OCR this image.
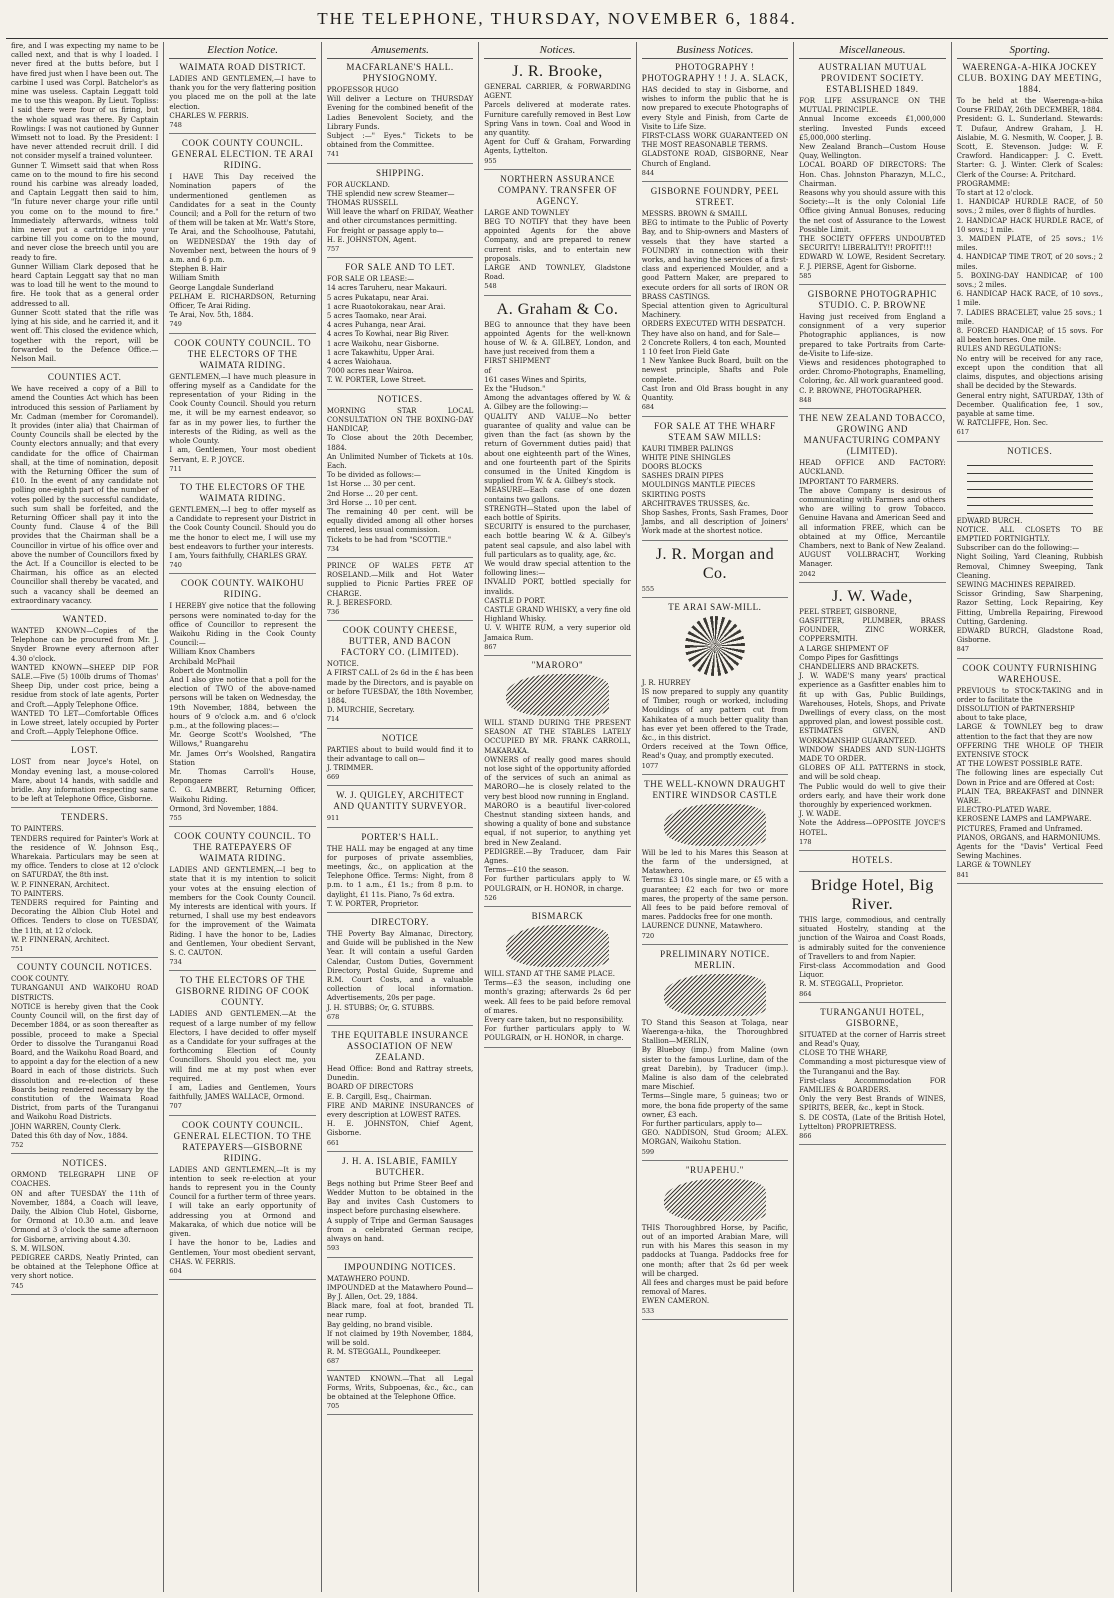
THE TELEPHONE, THURSDAY, NOVEMBER 6, 1884.
fire, and I was expecting my name to be called next, and that is why I loaded. I never fired at the butts before, but I have fired just when I have been out. The carbine I used was Corpl. Batchelor's as mine was useless. Captain Leggatt told me to use this weapon. By Lieut. Topliss: I said there were four of us firing, but the whole squad was there. By Captain Rowlings: I was not cautioned by Gunner Wimsett not to load. By the President: I have never attended recruit drill. I did not consider myself a trained volunteer.
Gunner T. Wimsett said that when Ross came on to the mound to fire his second round his carbine was already loaded, and Captain Leggatt then said to him, "In future never charge your rifle until you come on to the mound to fire." Immediately afterwards, witness told him never put a cartridge into your carbine till you come on to the mound, and never close the breech until you are ready to fire.
Gunner William Clark deposed that he heard Captain Leggatt say that no man was to load till he went to the mound to fire. He took that as a general order addressed to all.
Gunner Scott stated that the rifle was lying at his side, and he carried it, and it went off. This closed the evidence which, together with the report, will be forwarded to the Defence Office.—Nelson Mail.
COUNTIES ACT.
We have received a copy of a Bill to amend the Counties Act which has been introduced this session of Parliament by Mr. Cadman (member for Coromandel). It provides (inter alia) that Chairman of County Councils shall be elected by the County electors annually; and that every candidate for the office of Chairman shall, at the time of nomination, deposit with the Returning Officer the sum of £10. In the event of any candidate not polling one-eighth part of the number of votes polled by the successful candidate, such sum shall be forfeited, and the Returning Officer shall pay it into the County fund. Clause 4 of the Bill provides that the Chairman shall be a Councillor in virtue of his office over and above the number of Councillors fixed by the Act. If a Councillor is elected to be Chairman, his office as an elected Councillor shall thereby be vacated, and such a vacancy shall be deemed an extraordinary vacancy.
WANTED.
WANTED KNOWN—Copies of the Telephone can be procured from Mr. J. Snyder Browne every afternoon after 4.30 o'clock.
WANTED KNOWN—SHEEP DIP FOR SALE.—Five (5) 100lb drums of Thomas' Sheep Dip, under cost price, being a residue from stock of late agents, Porter and Croft.—Apply Telephone Office.
WANTED TO LET—Comfortable Offices in Lowe street, lately occupied by Porter and Croft.—Apply Telephone Office.
LOST.
LOST from near Joyce's Hotel, on Monday evening last, a mouse-colored Mare, about 14 hands, with saddle and bridle. Any information respecting same to be left at Telephone Office, Gisborne.
TENDERS.
TO PAINTERS.
TENDERS required for Painter's Work at the residence of W. Johnson Esq., Wharekaia. Particulars may be seen at my office. Tenders to close at 12 o'clock on SATURDAY, the 8th inst.
W. P. FINNERAN, Architect.
TO PAINTERS.
TENDERS required for Painting and Decorating the Albion Club Hotel and Offices. Tenders to close on TUESDAY, the 11th, at 12 o'clock.
W. P. FINNERAN, Architect.
751
COUNTY COUNCIL NOTICES.
COOK COUNTY.
TURANGANUI AND WAIKOHU ROAD DISTRICTS.
NOTICE is hereby given that the Cook County Council will, on the first day of December 1884, or as soon thereafter as possible, proceed to make a Special Order to dissolve the Turanganui Road Board, and the Waikohu Road Board, and to appoint a day for the election of a new Board in each of those districts. Such dissolution and re-election of these Boards being rendered necessary by the constitution of the Waimata Road District, from parts of the Turanganui and Waikohu Road Districts.
JOHN WARREN, County Clerk.
Dated this 6th day of Nov., 1884.
752
NOTICES.
ORMOND TELEGRAPH LINE OF COACHES.
ON and after TUESDAY the 11th of November, 1884, a Coach will leave, Daily, the Albion Club Hotel, Gisborne, for Ormond at 10.30 a.m. and leave Ormond at 3 o'clock the same afternoon for Gisborne, arriving about 4.30.
S. M. WILSON.
PEDIGREE CARDS, Neatly Printed, can be obtained at the Telephone Office at very short notice.
745
Election Notice.
WAIMATA ROAD DISTRICT.
LADIES AND GENTLEMEN,—I have to thank you for the very flattering position you placed me on the poll at the late election.
CHARLES W. FERRIS.
748
COOK COUNTY COUNCIL. GENERAL ELECTION. TE ARAI RIDING.
I HAVE This Day received the Nomination papers of the undermentioned gentlemen as Candidates for a seat in the County Council; and a Poll for the return of two of them will be taken at Mr. Watt's Store, Te Arai, and the Schoolhouse, Patutahi, on WEDNESDAY the 19th day of November next, between the hours of 9 a.m. and 6 p.m.
Stephen B. Hair
William Smith
George Langdale Sunderland
PELHAM E. RICHARDSON, Returning Officer, Te Arai Riding.
Te Arai, Nov. 5th, 1884.
749
COOK COUNTY COUNCIL. TO THE ELECTORS OF THE WAIMATA RIDING.
GENTLEMEN,—I have much pleasure in offering myself as a Candidate for the representation of your Riding in the Cook County Council. Should you return me, it will be my earnest endeavor, so far as in my power lies, to further the interests of the Riding, as well as the whole County.
I am, Gentlemen, Your most obedient Servant, E. P. JOYCE.
711
TO THE ELECTORS OF THE WAIMATA RIDING.
GENTLEMEN,—I beg to offer myself as a Candidate to represent your District in the Cook County Council. Should you do me the honor to elect me, I will use my best endeavors to further your interests.
I am, Yours faithfully, CHARLES GRAY.
740
COOK COUNTY. WAIKOHU RIDING.
I HEREBY give notice that the following persons were nominated to-day for the office of Councillor to represent the Waikohu Riding in the Cook County Council:—
William Knox Chambers
Archibald McPhail
Robert de Montmollin
And I also give notice that a poll for the election of TWO of the above-named persons will be taken on Wednesday, the 19th November, 1884, between the hours of 9 o'clock a.m. and 6 o'clock p.m., at the following places:—
Mr. George Scott's Woolshed, "The Willows," Ruangarehu
Mr. James Orr's Woolshed, Rangatira Station
Mr. Thomas Carroll's House, Repongaere
C. G. LAMBERT, Returning Officer, Waikohu Riding.
Ormond, 3rd November, 1884.
755
COOK COUNTY COUNCIL. TO THE RATEPAYERS OF WAIMATA RIDING.
LADIES AND GENTLEMEN,—I beg to state that it is my intention to solicit your votes at the ensuing election of members for the Cook County Council. My interests are identical with yours. If returned, I shall use my best endeavors for the improvement of the Waimata Riding. I have the honor to be, Ladies and Gentlemen, Your obedient Servant, S. C. CAUTON.
734
TO THE ELECTORS OF THE GISBORNE RIDING OF COOK COUNTY.
LADIES AND GENTLEMEN.—At the request of a large number of my fellow Electors, I have decided to offer myself as a Candidate for your suffrages at the forthcoming Election of County Councillors. Should you elect me, you will find me at my post when ever required.
I am, Ladies and Gentlemen, Yours faithfully, JAMES WALLACE, Ormond.
707
COOK COUNTY COUNCIL. GENERAL ELECTION. TO THE RATEPAYERS—GISBORNE RIDING.
LADIES AND GENTLEMEN,—It is my intention to seek re-election at your hands to represent you in the County Council for a further term of three years. I will take an early opportunity of addressing you at Ormond and Makaraka, of which due notice will be given.
I have the honor to be, Ladies and Gentlemen, Your most obedient servant, CHAS. W. FERRIS.
604
Amusements.
MACFARLANE'S HALL. PHYSIOGNOMY.
PROFESSOR HUGO
Will deliver a Lecture on THURSDAY Evening for the combined benefit of the Ladies Benevolent Society, and the Library Funds.
Subject :—" Eyes." Tickets to be obtained from the Committee.
741
SHIPPING.
FOR AUCKLAND.
THE splendid new screw Steamer—
THOMAS RUSSELL
Will leave the wharf on FRIDAY, Weather and other circumstances permitting.
For freight or passage apply to—
H. E. JOHNSTON, Agent.
757
FOR SALE AND TO LET.
FOR SALE OR LEASE:—
14 acres Taruheru, near Makauri.
5 acres Pukatapu, near Arai.
1 acre Ruaotokorakau, near Arai.
5 acres Taomako, near Arai.
4 acres Puhanga, near Arai.
4 acres To Kowhai, near Big River.
1 acre Waikohu, near Gisborne.
1 acre Takawhitu, Upper Arai.
4 acres Waiohaua.
7000 acres near Wairoa.
T. W. PORTER, Lowe Street.
NOTICES.
MORNING STAR LOCAL CONSULTATION ON THE BOXING-DAY HANDICAP,
To Close about the 20th December, 1884.
An Unlimited Number of Tickets at 10s. Each.
To be divided as follows:—
1st Horse ... 30 per cent.
2nd Horse ... 20 per cent.
3rd Horse ... 10 per cent.
The remaining 40 per cent. will be equally divided among all other horses entered, less usual commission.
Tickets to be had from "SCOTTIE."
734
PRINCE OF WALES FETE AT ROSELAND.—Milk and Hot Water supplied to Picnic Parties FREE OF CHARGE.
R. J. BERESFORD.
736
COOK COUNTY CHEESE, BUTTER, AND BACON FACTORY CO. (LIMITED).
NOTICE.
A FIRST CALL of 2s 6d in the £ has been made by the Directors, and is payable on or before TUESDAY, the 18th November, 1884.
D. MURCHIE, Secretary.
714
NOTICE
PARTIES about to build would find it to their advantage to call on—
J. TRIMMER.
669
W. J. QUIGLEY, ARCHITECT AND QUANTITY SURVEYOR.
911
PORTER'S HALL.
THE HALL may be engaged at any time for purposes of private assemblies, meetings, &c., on application at the Telephone Office. Terms: Night, from 8 p.m. to 1 a.m., £1 1s.; from 8 p.m. to daylight, £1 11s. Piano, 7s 6d extra.
T. W. PORTER, Proprietor.
DIRECTORY.
THE Poverty Bay Almanac, Directory, and Guide will be published in the New Year. It will contain a useful Garden Calendar, Custom Duties, Government Directory, Postal Guide, Supreme and R.M. Court Costs, and a valuable collection of local information. Advertisements, 20s per page.
J. H. STUBBS; Or, G. STUBBS.
678
THE EQUITABLE INSURANCE ASSOCIATION OF NEW ZEALAND.
Head Office: Bond and Rattray streets, Dunedin.
BOARD OF DIRECTORS
E. B. Cargill, Esq., Chairman.
FIRE AND MARINE INSURANCES of every description at LOWEST RATES.
H. E. JOHNSTON, Chief Agent, Gisborne.
661
J. H. A. ISLABIE, FAMILY BUTCHER.
Begs nothing but Prime Steer Beef and Wedder Mutton to be obtained in the Bay and invites Cash Customers to inspect before purchasing elsewhere.
A supply of Tripe and German Sausages from a celebrated German recipe, always on hand.
593
IMPOUNDING NOTICES.
MATAWHERO POUND.
IMPOUNDED at the Matawhero Pound—By J. Allen, Oct. 29, 1884.
Black mare, foal at foot, branded TL near rump.
Bay gelding, no brand visible.
If not claimed by 19th November, 1884, will be sold.
R. M. STEGGALL, Poundkeeper.
687
WANTED KNOWN.—That all Legal Forms, Writs, Subpoenas, &c., &c., can be obtained at the Telephone Office.
705
Notices.
J. R. Brooke,
GENERAL CARRIER, & FORWARDING AGENT.
Parcels delivered at moderate rates. Furniture carefully removed in Best Low Spring Vans in town. Coal and Wood in any quantity.
Agent for Cuff & Graham, Forwarding Agents, Lyttelton.
955
NORTHERN ASSURANCE COMPANY. TRANSFER OF AGENCY.
LARGE AND TOWNLEY
BEG TO NOTIFY that they have been appointed Agents for the above Company, and are prepared to renew current risks, and to entertain new proposals.
LARGE AND TOWNLEY, Gladstone Road.
548
A. Graham & Co.
BEG to announce that they have been appointed Agents for the well-known house of W. & A. GILBEY, London, and have just received from them a
FIRST SHIPMENT
of
161 cases Wines and Spirits,
Ex the "Hudson."
Among the advantages offered by W. & A. Gilbey are the following:—
QUALITY AND VALUE—No better guarantee of quality and value can be given than the fact (as shown by the return of Government duties paid) that about one eighteenth part of the Wines, and one fourteenth part of the Spirits consumed in the United Kingdom is supplied from W. & A. Gilbey's stock.
MEASURE—Each case of one dozen contains two gallons.
STRENGTH—Stated upon the label of each bottle of Spirits.
SECURITY is ensured to the purchaser, each bottle bearing W. & A. Gilbey's patent seal capsule, and also label with full particulars as to quality, age, &c.
We would draw special attention to the following lines:—
INVALID PORT, bottled specially for invalids.
CASTLE D PORT.
CASTLE GRAND WHISKY, a very fine old Highland Whisky.
U. V. WHITE RUM, a very superior old Jamaica Rum.
867
"MARORO"
WILL STAND DURING THE PRESENT SEASON AT THE STABLES LATELY OCCUPIED BY MR. FRANK CARROLL, MAKARAKA.
OWNERS of really good mares should not lose sight of the opportunity afforded of the services of such an animal as MARORO—he is closely related to the very best blood now running in England.
MARORO is a beautiful liver-colored Chestnut standing sixteen hands, and showing a quality of bone and substance equal, if not superior, to anything yet bred in New Zealand.
PEDIGREE.—By Traducer, dam Fair Agnes.
Terms—£10 the season.
For further particulars apply to W. POULGRAIN, or H. HONOR, in charge.
526
BISMARCK
WILL STAND AT THE SAME PLACE.
Terms—£3 the season, including one month's grazing; afterwards 2s 6d per week. All fees to be paid before removal of mares.
Every care taken, but no responsibility.
For further particulars apply to W. POULGRAIN, or H. HONOR, in charge.
Business Notices.
PHOTOGRAPHY ! PHOTOGRAPHY ! ! J. A. SLACK,
HAS decided to stay in Gisborne, and wishes to inform the public that he is now prepared to execute Photographs of every Style and Finish, from Carte de Visite to Life Size.
FIRST-CLASS WORK GUARANTEED ON THE MOST REASONABLE TERMS.
GLADSTONE ROAD, GISBORNE, Near Church of England.
844
GISBORNE FOUNDRY, PEEL STREET.
MESSRS. BROWN & SMAILL
BEG to intimate to the Public of Poverty Bay, and to Ship-owners and Masters of vessels that they have started a FOUNDRY in connection with their works, and having the services of a first-class and experienced Moulder, and a good Pattern Maker, are prepared to execute orders for all sorts of IRON OR BRASS CASTINGS.
Special attention given to Agricultural Machinery.
ORDERS EXECUTED WITH DESPATCH.
They have also on hand, and for Sale—
2 Concrete Rollers, 4 ton each, Mounted
1 10 feet Iron Field Gate
1 New Yankee Buck Board, built on the newest principle, Shafts and Pole complete.
Cast Iron and Old Brass bought in any Quantity.
684
FOR SALE AT THE WHARF STEAM SAW MILLS:
KAURI TIMBER PALINGS
WHITE PINE SHINGLES
DOORS BLOCKS
SASHES DRAIN PIPES
MOULDINGS MANTLE PIECES
SKIRTING POSTS
ARCHITRAVES TRUSSES, &c.
Shop Sashes, Fronts, Sash Frames, Door Jambs, and all description of Joiners' Work made at the shortest notice.
J. R. Morgan and Co.
555
TE ARAI SAW-MILL.
J. R. HURREY
IS now prepared to supply any quantity of Timber, rough or worked, including Mouldings of any pattern cut from Kahikatea of a much better quality than has ever yet been offered to the Trade, &c., in this district.
Orders received at the Town Office, Read's Quay, and promptly executed.
1077
THE WELL-KNOWN DRAUGHT ENTIRE WINDSOR CASTLE
Will be led to his Mares this Season at the farm of the undersigned, at Matawhero.
Terms: £3 10s single mare, or £5 with a guarantee; £2 each for two or more mares, the property of the same person. All fees to be paid before removal of mares. Paddocks free for one month.
LAURENCE DUNNE, Matawhero.
720
PRELIMINARY NOTICE. MERLIN.
TO Stand this Season at Tolaga, near Waerenga-a-hika, the Thoroughbred Stallion—MERLIN,
By Blueboy (imp.) from Maline (own sister to the famous Lurline, dam of the great Darebin), by Traducer (imp.). Maline is also dam of the celebrated mare Mischief.
Terms—Single mare, 5 guineas; two or more, the bona fide property of the same owner, £3 each.
For further particulars, apply to—
GEO. NADDISON, Stud Groom; ALEX. MORGAN, Waikohu Station.
599
"RUAPEHU."
THIS Thoroughbred Horse, by Pacific, out of an imported Arabian Mare, will run with his Mares this season in my paddocks at Tuanga. Paddocks free for one month; after that 2s 6d per week will be charged.
All fees and charges must be paid before removal of Mares.
EWEN CAMERON.
533
Miscellaneous.
AUSTRALIAN MUTUAL PROVIDENT SOCIETY. ESTABLISHED 1849.
FOR LIFE ASSURANCE ON THE MUTUAL PRINCIPLE.
Annual Income exceeds £1,000,000 sterling. Invested Funds exceed £5,000,000 sterling.
New Zealand Branch—Custom House Quay, Wellington.
LOCAL BOARD OF DIRECTORS: The Hon. Chas. Johnston Pharazyn, M.L.C., Chairman.
Reasons why you should assure with this Society:—It is the only Colonial Life Office giving Annual Bonuses, reducing the net cost of Assurance to the Lowest Possible Limit.
THE SOCIETY OFFERS UNDOUBTED SECURITY! LIBERALITY!! PROFIT!!!
EDWARD W. LOWE, Resident Secretary. F. J. PIERSE, Agent for Gisborne.
585
GISBORNE PHOTOGRAPHIC STUDIO. C. P. BROWNE
Having just received from England a consignment of a very superior Photographic appliances, is now prepared to take Portraits from Carte-de-Visite to Life-size.
Views and residences photographed to order. Chromo-Photographs, Enamelling, Coloring, &c. All work guaranteed good.
C. P. BROWNE, PHOTOGRAPHER.
848
THE NEW ZEALAND TOBACCO, GROWING AND MANUFACTURING COMPANY (LIMITED).
HEAD OFFICE AND FACTORY: AUCKLAND.
IMPORTANT TO FARMERS.
The above Company is desirous of communicating with Farmers and others who are willing to grow Tobacco. Genuine Havana and American Seed and all information FREE, which can be obtained at my Office, Mercantile Chambers, next to Bank of New Zealand.
AUGUST VOLLBRACHT, Working Manager.
2042
J. W. Wade,
PEEL STREET, GISBORNE,
GASFITTER, PLUMBER, BRASS FOUNDER, ZINC WORKER, COPPERSMITH.
A LARGE SHIPMENT OF
Compo Pipes for Gasfittings
CHANDELIERS AND BRACKETS.
J. W. WADE'S many years' practical experience as a Gasfitter enables him to fit up with Gas, Public Buildings, Warehouses, Hotels, Shops, and Private Dwellings of every class, on the most approved plan, and lowest possible cost.
ESTIMATES GIVEN, AND WORKMANSHIP GUARANTEED.
WINDOW SHADES AND SUN-LIGHTS MADE TO ORDER.
GLOBES OF ALL PATTERNS in stock, and will be sold cheap.
The Public would do well to give their orders early, and have their work done thoroughly by experienced workmen.
J. W. WADE.
Note the Address—OPPOSITE JOYCE'S HOTEL.
178
HOTELS.
Bridge Hotel, Big River.
THIS large, commodious, and centrally situated Hostelry, standing at the junction of the Wairoa and Coast Roads, is admirably suited for the convenience of Travellers to and from Napier.
First-class Accommodation and Good Liquor.
R. M. STEGGALL, Proprietor.
864
TURANGANUI HOTEL, GISBORNE,
SITUATED at the corner of Harris street and Read's Quay,
CLOSE TO THE WHARF,
Commanding a most picturesque view of the Turanganui and the Bay.
First-class Accommodation FOR FAMILIES & BOARDERS.
Only the very Best Brands of WINES, SPIRITS, BEER, &c., kept in Stock.
S. DE COSTA, (Late of the British Hotel, Lyttelton) PROPRIETRESS.
866
Sporting.
WAERENGA-A-HIKA JOCKEY CLUB. BOXING DAY MEETING, 1884.
To be held at the Waerenga-a-hika Course FRIDAY, 26th DECEMBER, 1884.
President: G. L. Sunderland. Stewards: T. Dufaur, Andrew Graham, J. H. Aislabie, M. G. Nesmith, W. Cooper, J. B. Scott, E. Stevenson. Judge: W. F. Crawford. Handicapper: J. C. Evett. Starter: G. J. Winter. Clerk of Scales: Clerk of the Course: A. Pritchard.
PROGRAMME:
To start at 12 o'clock.
1. HANDICAP HURDLE RACE, of 50 sovs.; 2 miles, over 8 flights of hurdles.
2. HANDICAP HACK HURDLE RACE, of 10 sovs.; 1 mile.
3. MAIDEN PLATE, of 25 sovs.; 1½ miles.
4. HANDICAP TIME TROT, of 20 sovs.; 2 miles.
5. BOXING-DAY HANDICAP, of 100 sovs.; 2 miles.
6. HANDICAP HACK RACE, of 10 sovs., 1 mile.
7. LADIES BRACELET, value 25 sovs.; 1 mile.
8. FORCED HANDICAP, of 15 sovs. For all beaten horses. One mile.
RULES AND REGULATIONS:
No entry will be received for any race, except upon the condition that all claims, disputes, and objections arising shall be decided by the Stewards.
General entry night, SATURDAY, 13th of December. Qualification fee, 1 sov., payable at same time.
W. RATCLIFFE, Hon. Sec.
617
NOTICES.
EDWARD BURCH.
NOTICE. ALL CLOSETS TO BE EMPTIED FORTNIGHTLY.
Subscriber can do the following:—
Night Soiling, Yard Cleaning, Rubbish Removal, Chimney Sweeping, Tank Cleaning.
SEWING MACHINES REPAIRED.
Scissor Grinding, Saw Sharpening, Razor Setting, Lock Repairing, Key Fitting, Umbrella Repairing, Firewood Cutting, Gardening.
EDWARD BURCH, Gladstone Road, Gisborne.
847
COOK COUNTY FURNISHING WAREHOUSE.
PREVIOUS to STOCK-TAKING and in order to facilitate the
DISSOLUTION of PARTNERSHIP
about to take place,
LARGE & TOWNLEY beg to draw attention to the fact that they are now
OFFERING THE WHOLE OF THEIR EXTENSIVE STOCK
AT THE LOWEST POSSIBLE RATE.
The following lines are especially Cut Down in Price and are Offered at Cost:
PLAIN TEA, BREAKFAST and DINNER WARE.
ELECTRO-PLATED WARE.
KEROSENE LAMPS and LAMPWARE.
PICTURES, Framed and Unframed.
PIANOS, ORGANS, and HARMONIUMS.
Agents for the "Davis" Vertical Feed Sewing Machines.
LARGE & TOWNLEY
841
